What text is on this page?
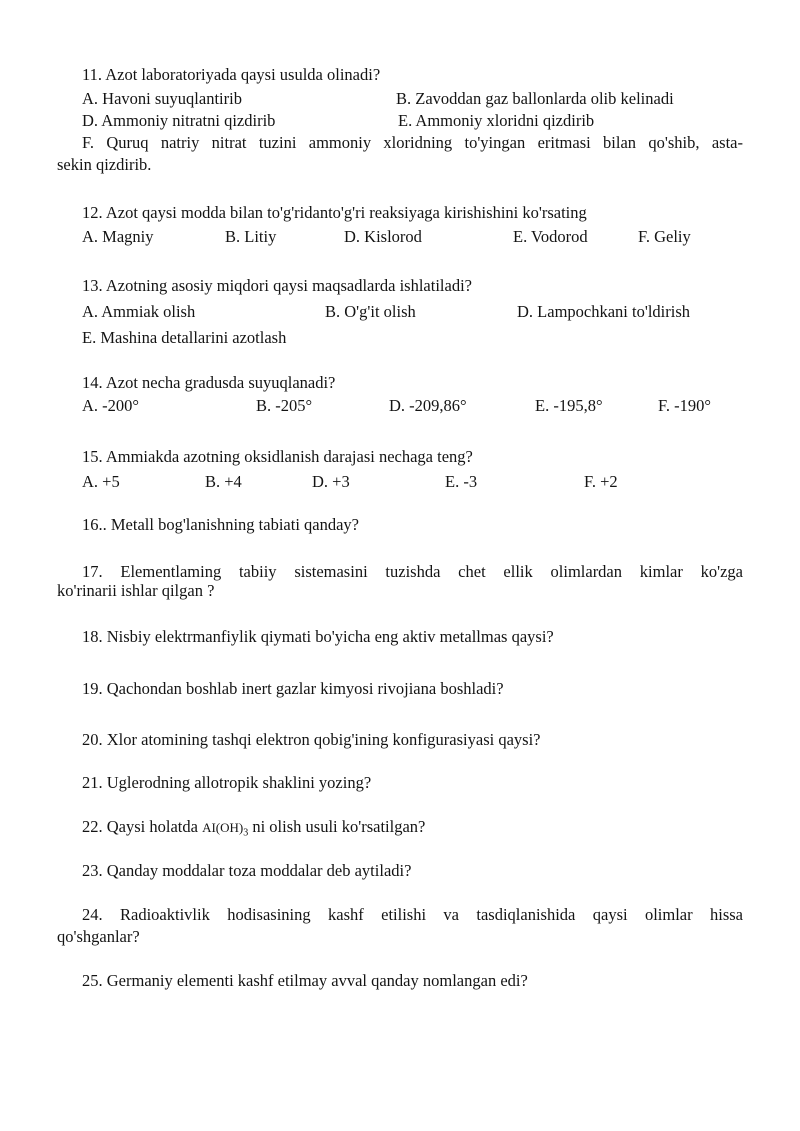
11. Azot laboratoriyada qaysi usulda olinadi?
A. Havoni suyuqlantirib	B. Zavoddan gaz ballonlarda olib kelinadi
D. Ammoniy nitratni qizdirib	E. Ammoniy xloridni qizdirib
F. Quruq natriy nitrat tuzini ammoniy xloridning to'yingan eritmasi bilan qo'shib, asta-
sekin qizdirib.
12. Azot qaysi modda bilan to'g'ridanto'g'ri reaksiyaga kirishishini ko'rsating
A. Magniy	B. Litiy	D. Kislorod	E. Vodorod	F. Geliy
13. Azotning asosiy miqdori qaysi maqsadlarda ishlatiladi?
A. Ammiak olish	B. O'g'it olish	D. Lampochkani to'ldirish
E. Mashina detallarini azotlash
14. Azot necha gradusda suyuqlanadi?
A. -200°	B. -205°	D. -209,86°	E. -195,8°	F. -190°
15. Ammiakda azotning oksidlanish darajasi nechaga teng?
A. +5	B. +4	D. +3	E. -3	F. +2
16.. Metall bog'lanishning tabiati qanday?
17. Elementlaming tabiiy sistemasini tuzishda chet ellik olimlardan kimlar ko'zga
ko'rinarii ishlar qilgan ?
18. Nisbiy elektrmanfiylik qiymati bo'yicha eng aktiv metallmas qaysi?
19. Qachondan boshlab inert gazlar kimyosi rivojiana boshladi?
20. Xlor atomining tashqi elektron qobig'ining konfigurasiyasi qaysi?
21. Uglerodning allotropik shaklini yozing?
22. Qaysi holatda $AI(OH)_3$ ni olish usuli ko'rsatilgan?
23. Qanday moddalar toza moddalar deb aytiladi?
24. Radioaktivlik hodisasining kashf etilishi va tasdiqlanishida qaysi olimlar hissa
qo'shganlar?
25. Germaniy elementi kashf etilmay avval qanday nomlangan edi?
